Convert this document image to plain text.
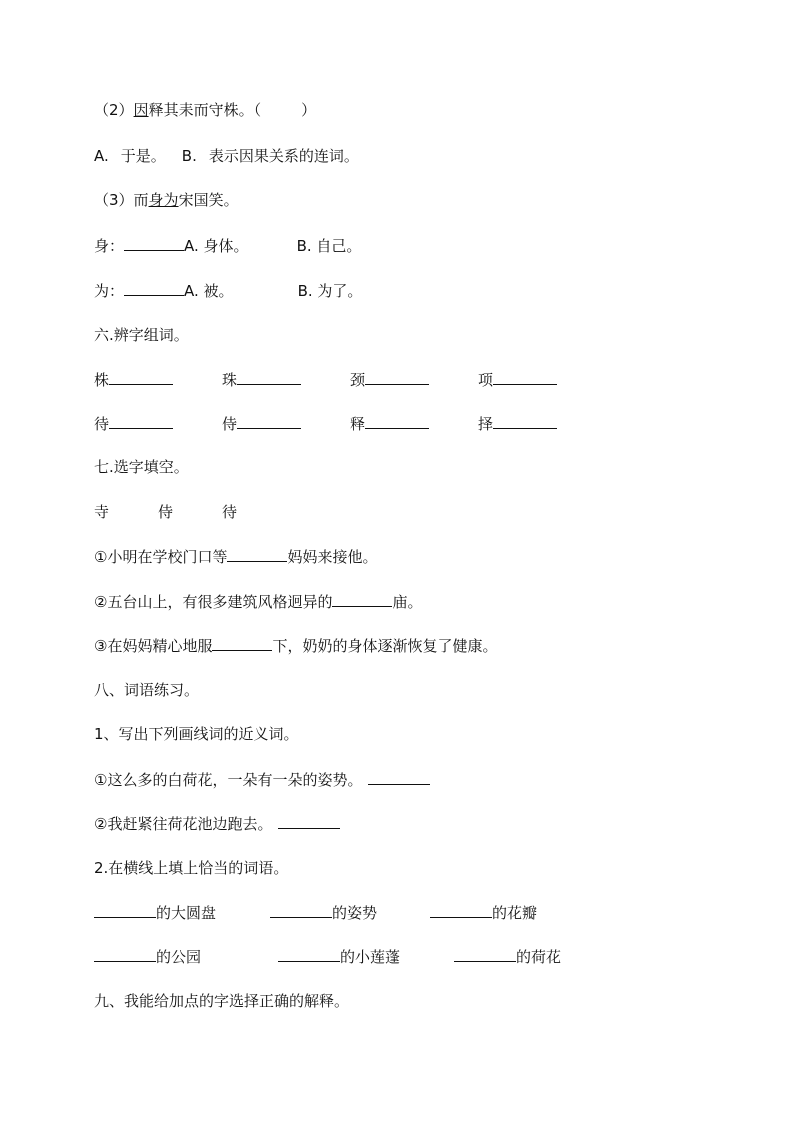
（2）因释其耒而守株。（	）
A. 于是。 B. 表示因果关系的连词。
（3）而身为宋国笑。
身：	A. 身体。	B. 自己。
为：	A. 被。	B. 为了。
六.辨字组词。
株	珠	颈	项
待	侍	释	择
七.选字填空。
寺	侍	待
①小明在学校门口等	妈妈来接他。
②五台山上，有很多建筑风格迥异的	庙。
③在妈妈精心地服	下，奶奶的身体逐渐恢复了健康。
八、词语练习。
1、写出下列画线词的近义词。
①这么多的白荷花，一朵有一朵的姿势。
②我赶紧往荷花池边跑去。
2.在横线上填上恰当的词语。
的大圆盘	的姿势	的花瓣
的公园	的小莲蓬	的荷花
九、我能给加点的字选择正确的解释。
